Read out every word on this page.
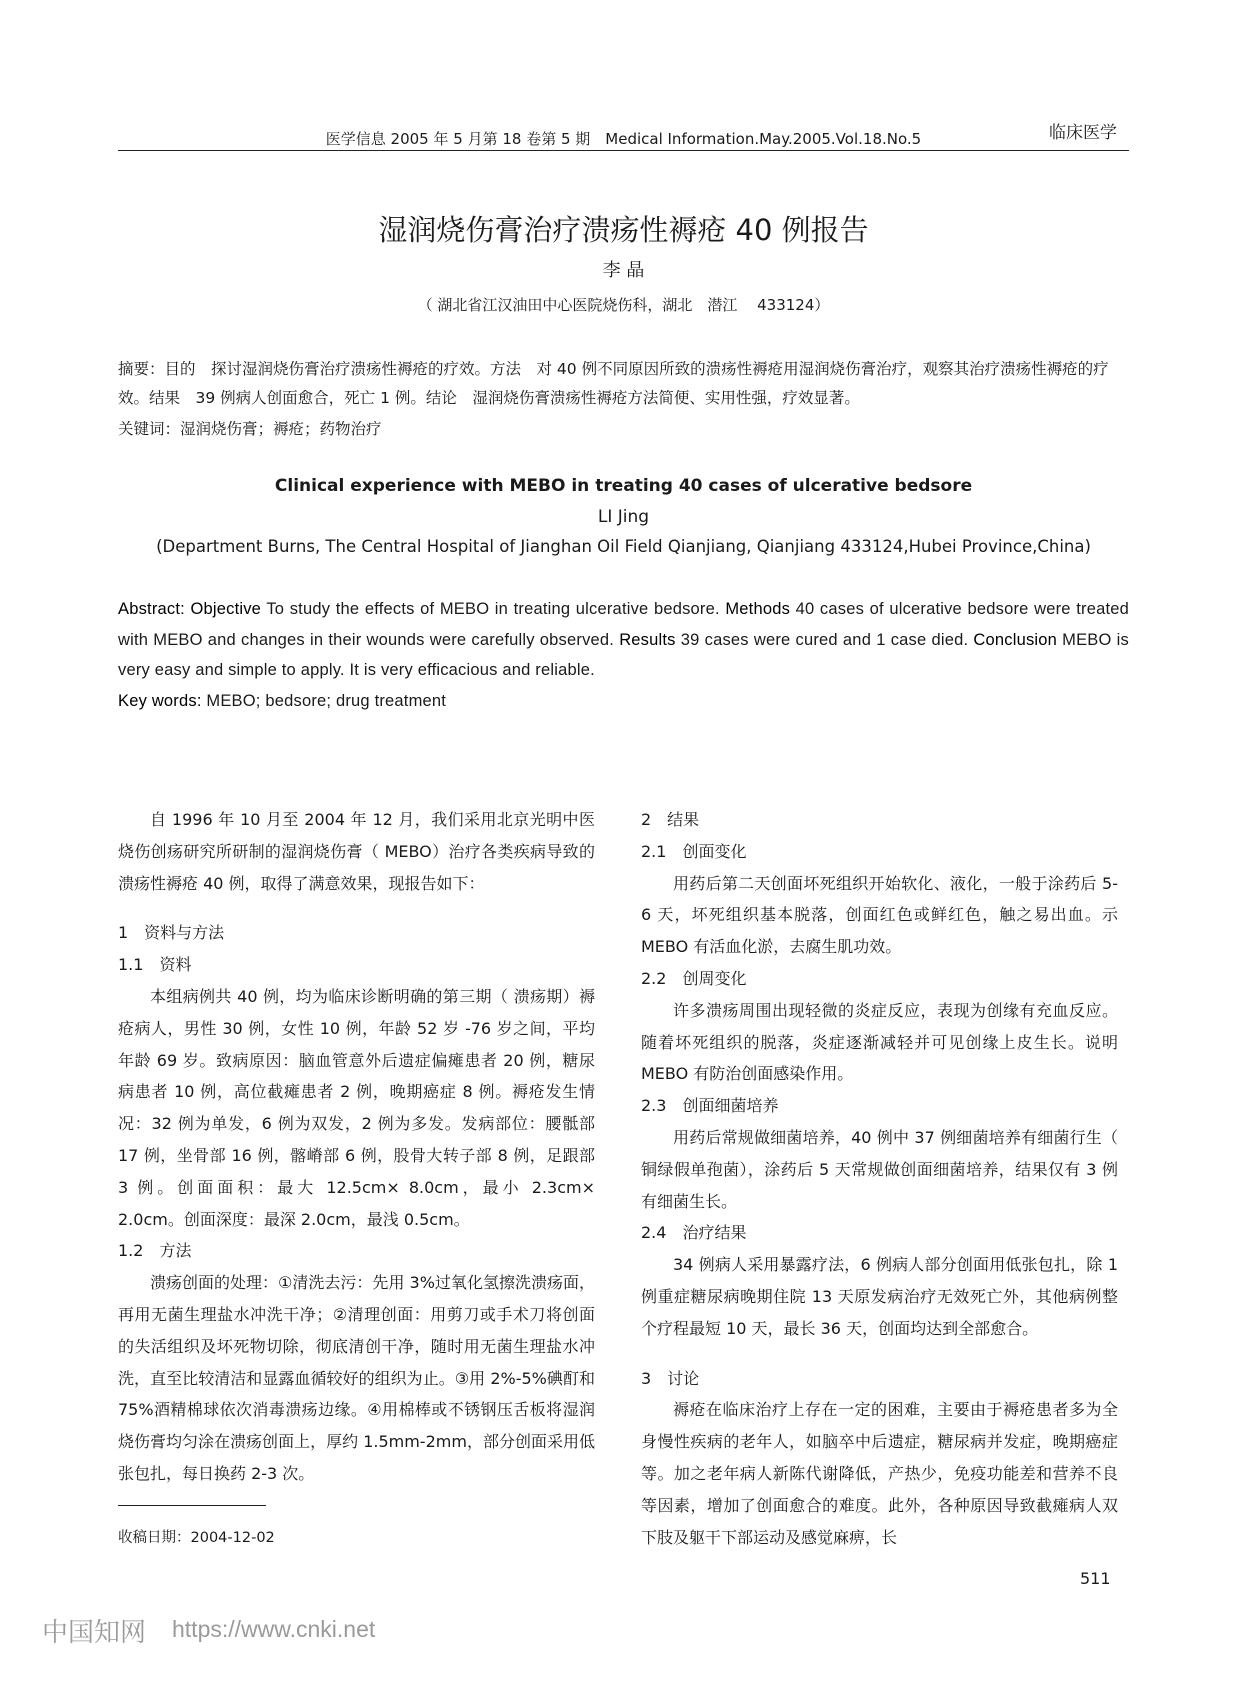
医学信息 2005 年 5 月第 18 卷第 5 期　Medical Information.May.2005.Vol.18.No.5	临床医学
湿润烧伤膏治疗溃疡性褥疮 40 例报告
李 晶
（ 湖北省江汉油田中心医院烧伤科，湖北　潜江　 433124）
摘要：目的　探讨湿润烧伤膏治疗溃疡性褥疮的疗效。方法　对 40 例不同原因所致的溃疡性褥疮用湿润烧伤膏治疗，观察其治疗溃疡性褥疮的疗效。结果　39 例病人创面愈合，死亡 1 例。结论　湿润烧伤膏溃疡性褥疮方法简便、实用性强，疗效显著。
关键词：湿润烧伤膏；褥疮；药物治疗
Clinical experience with MEBO in treating 40 cases of ulcerative bedsore
LI Jing
(Department Burns, The Central Hospital of Jianghan Oil Field Qianjiang, Qianjiang 433124,Hubei Province,China)
Abstract: Objective To study the effects of MEBO in treating ulcerative bedsore. Methods 40 cases of ulcerative bedsore were treated with MEBO and changes in their wounds were carefully observed. Results 39 cases were cured and 1 case died. Conclusion MEBO is very easy and simple to apply. It is very efficacious and reliable.
Key words: MEBO; bedsore; drug treatment

自 1996 年 10 月至 2004 年 12 月，我们采用北京光明中医烧伤创疡研究所研制的湿润烧伤膏（ MEBO）治疗各类疾病导致的溃疡性褥疮 40 例，取得了满意效果，现报告如下：

1　资料与方法

1.1　资料

本组病例共 40 例，均为临床诊断明确的第三期（ 溃疡期）褥疮病人，男性 30 例，女性 10 例，年龄 52 岁 -76 岁之间，平均年龄 69 岁。致病原因：脑血管意外后遗症偏瘫患者 20 例，糖尿病患者 10 例，高位截瘫患者 2 例，晚期癌症 8 例。褥疮发生情况：32 例为单发，6 例为双发，2 例为多发。发病部位：腰骶部 17 例，坐骨部 16 例，髂嵴部 6 例，股骨大转子部 8 例，足跟部 3 例。创面面积：最大 12.5cm× 8.0cm，最小 2.3cm× 2.0cm。创面深度：最深 2.0cm，最浅 0.5cm。

1.2　方法

溃疡创面的处理：①清洗去污：先用 3%过氧化氢擦洗溃疡面，再用无菌生理盐水冲洗干净；②清理创面：用剪刀或手术刀将创面的失活组织及坏死物切除，彻底清创干净，随时用无菌生理盐水冲洗，直至比较清洁和显露血循较好的组织为止。③用 2%-5%碘酊和 75%酒精棉球依次消毒溃疡边缘。④用棉棒或不锈钢压舌板将湿润烧伤膏均匀涂在溃疡创面上，厚约 1.5mm-2mm，部分创面采用低张包扎，每日换药 2-3 次。

2　结果

2.1　创面变化

用药后第二天创面坏死组织开始软化、液化，一般于涂药后 5-6 天，坏死组织基本脱落，创面红色或鲜红色，触之易出血。示 MEBO 有活血化淤，去腐生肌功效。

2.2　创周变化

许多溃疡周围出现轻微的炎症反应，表现为创缘有充血反应。随着坏死组织的脱落，炎症逐渐减轻并可见创缘上皮生长。说明 MEBO 有防治创面感染作用。

2.3　创面细菌培养

用药后常规做细菌培养，40 例中 37 例细菌培养有细菌行生（ 铜绿假单孢菌），涂药后 5 天常规做创面细菌培养，结果仅有 3 例有细菌生长。

2.4　治疗结果

34 例病人采用暴露疗法，6 例病人部分创面用低张包扎，除 1 例重症糖尿病晚期住院 13 天原发病治疗无效死亡外，其他病例整个疗程最短 10 天，最长 36 天，创面均达到全部愈合。

3　讨论

褥疮在临床治疗上存在一定的困难，主要由于褥疮患者多为全身慢性疾病的老年人，如脑卒中后遗症，糖尿病并发症，晚期癌症等。加之老年病人新陈代谢降低，产热少，免疫功能差和营养不良等因素，增加了创面愈合的难度。此外，各种原因导致截瘫病人双下肢及躯干下部运动及感觉麻痹，长

收稿日期：2004-12-02
511
中国知网 https://www.cnki.net
